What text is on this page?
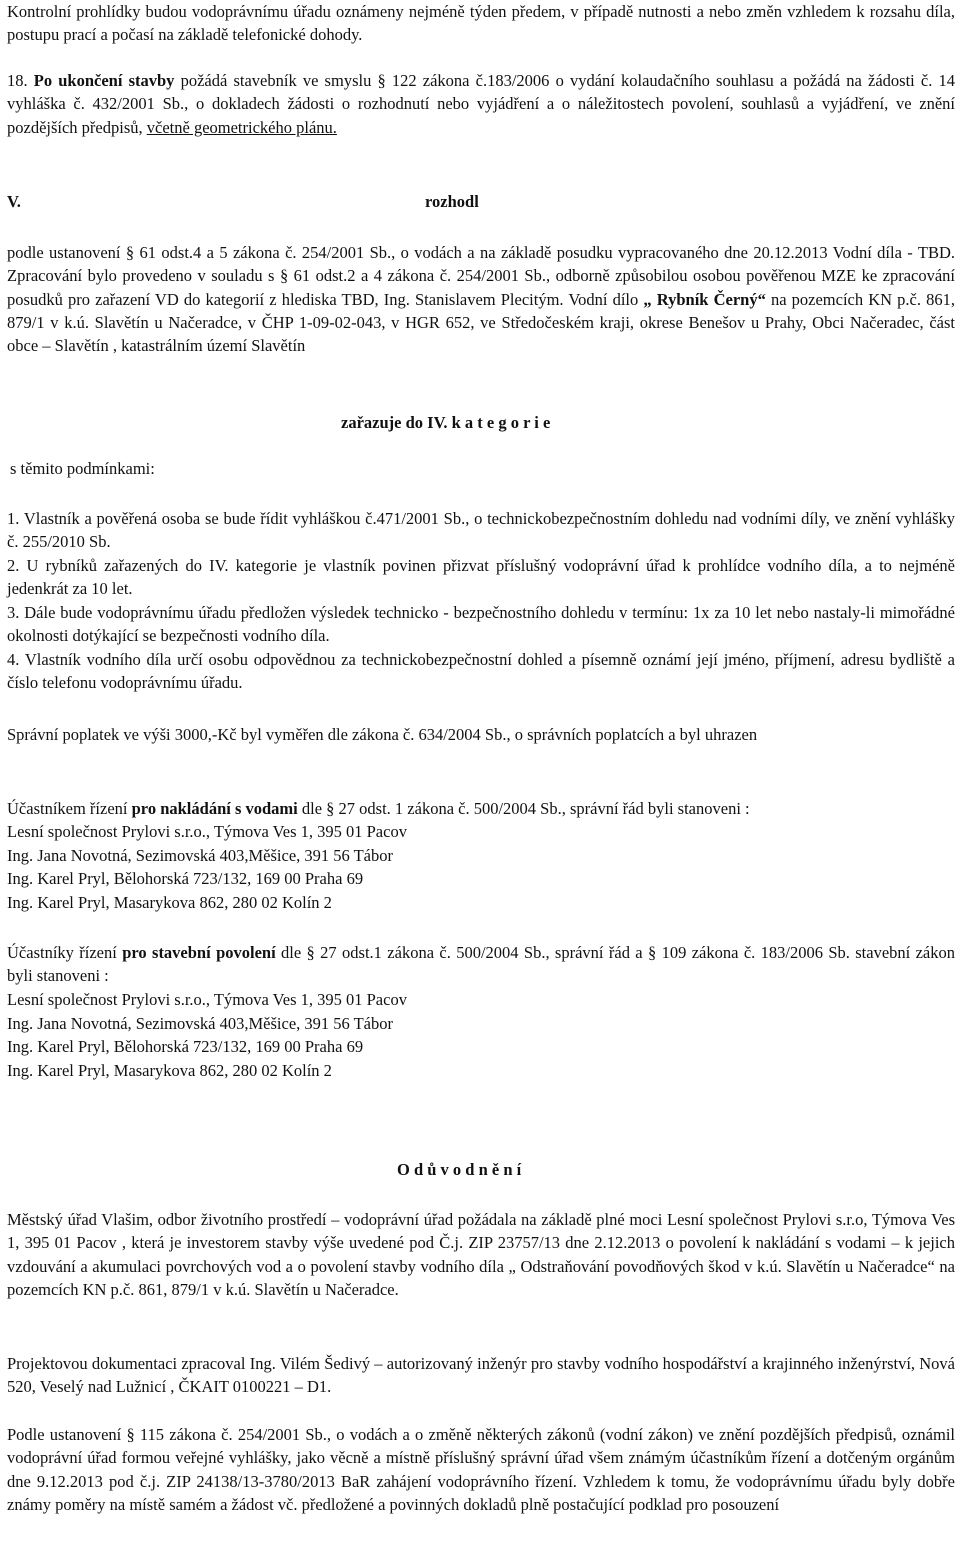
Kontrolní prohlídky budou vodoprávnímu úřadu oznámeny nejméně týden předem, v případě nutnosti a nebo změn vzhledem k rozsahu díla, postupu prací a počasí na základě telefonické dohody.

18. Po ukončení stavby požádá stavebník ve smyslu § 122 zákona č.183/2006 o vydání kolaudačního souhlasu a požádá na žádosti č. 14 vyhláška č. 432/2001 Sb., o dokladech žádosti o rozhodnutí nebo vyjádření a o náležitostech povolení, souhlasů a vyjádření, ve znění pozdějších předpisů, včetně geometrického plánu.

V.	rozhodl

podle ustanovení § 61 odst.4 a 5 zákona č. 254/2001 Sb., o vodách a na základě posudku vypracovaného dne 20.12.2013 Vodní díla - TBD. Zpracování bylo provedeno v souladu s § 61 odst.2 a 4 zákona č. 254/2001 Sb., odborně způsobilou osobou pověřenou MZE ke zpracování posudků pro zařazení VD do kategorií z hlediska TBD, Ing. Stanislavem Plecitým. Vodní dílo „ Rybník Černý“ na pozemcích KN p.č. 861, 879/1 v k.ú. Slavětín u Načeradce, v ČHP 1-09-02-043, v HGR 652, ve Středočeském kraji, okrese Benešov u Prahy, Obci Načeradec, část obce – Slavětín , katastrálním území Slavětín

zařazuje do IV. k a t e g o r i e
s těmito podmínkami:

1. Vlastník a pověřená osoba se bude řídit vyhláškou č.471/2001 Sb., o technickobezpečnostním dohledu nad vodními díly, ve znění vyhlášky č. 255/2010 Sb.

2. U rybníků zařazených do IV. kategorie je vlastník povinen přizvat příslušný vodoprávní úřad k prohlídce vodního díla, a to nejméně jedenkrát za 10 let.

3. Dále bude vodoprávnímu úřadu předložen výsledek technicko - bezpečnostního dohledu v termínu: 1x za 10 let nebo nastaly-li mimořádné okolnosti dotýkající se bezpečnosti vodního díla.

4. Vlastník vodního díla určí osobu odpovědnou za technickobezpečnostní dohled a písemně oznámí její jméno, příjmení, adresu bydliště a číslo telefonu vodoprávnímu úřadu.

Správní poplatek ve výši 3000,-Kč byl vyměřen dle zákona č. 634/2004 Sb., o správních poplatcích a byl uhrazen

Účastníkem řízení pro nakládání s vodami dle § 27 odst. 1 zákona č. 500/2004 Sb., správní řád byli stanoveni :

Lesní společnost Prylovi s.r.o., Týmova Ves 1, 395 01 Pacov
Ing. Jana Novotná, Sezimovská 403,Měšice, 391 56 Tábor
Ing. Karel Pryl, Bělohorská 723/132, 169 00 Praha 69
Ing. Karel Pryl, Masarykova 862, 280 02 Kolín 2

Účastníky řízení pro stavební povolení dle § 27 odst.1 zákona č. 500/2004 Sb., správní řád a § 109 zákona č. 183/2006 Sb. stavební zákon byli stanoveni :

Lesní společnost Prylovi s.r.o., Týmova Ves 1, 395 01 Pacov
Ing. Jana Novotná, Sezimovská 403,Měšice, 391 56 Tábor
Ing. Karel Pryl, Bělohorská 723/132, 169 00 Praha 69
Ing. Karel Pryl, Masarykova 862, 280 02 Kolín 2
O d ů v o d n ě n í

Městský úřad Vlašim, odbor životního prostředí – vodoprávní úřad požádala na základě plné moci Lesní společnost Prylovi s.r.o, Týmova Ves 1, 395 01 Pacov , která je investorem stavby výše uvedené pod Č.j. ZIP 23757/13 dne 2.12.2013 o povolení k nakládání s vodami – k jejich vzdouvání a akumulaci povrchových vod a o povolení stavby vodního díla „ Odstraňování povodňových škod v k.ú. Slavětín u Načeradce“ na pozemcích KN p.č. 861, 879/1 v k.ú. Slavětín u Načeradce.

Projektovou dokumentaci zpracoval Ing. Vilém Šedivý – autorizovaný inženýr pro stavby vodního hospodářství a krajinného inženýrství, Nová 520, Veselý nad Lužnicí , ČKAIT 0100221 – D1.

Podle ustanovení § 115 zákona č. 254/2001 Sb., o vodách a o změně některých zákonů (vodní zákon) ve znění pozdějších předpisů, oznámil vodoprávní úřad formou veřejné vyhlášky, jako věcně a místně příslušný správní úřad všem známým účastníkům řízení a dotčeným orgánům dne 9.12.2013 pod č.j. ZIP 24138/13-3780/2013 BaR zahájení vodoprávního řízení. Vzhledem k tomu, že vodoprávnímu úřadu byly dobře známy poměry na místě samém a žádost vč. předložené a povinných dokladů plně postačující podklad pro posouzení
